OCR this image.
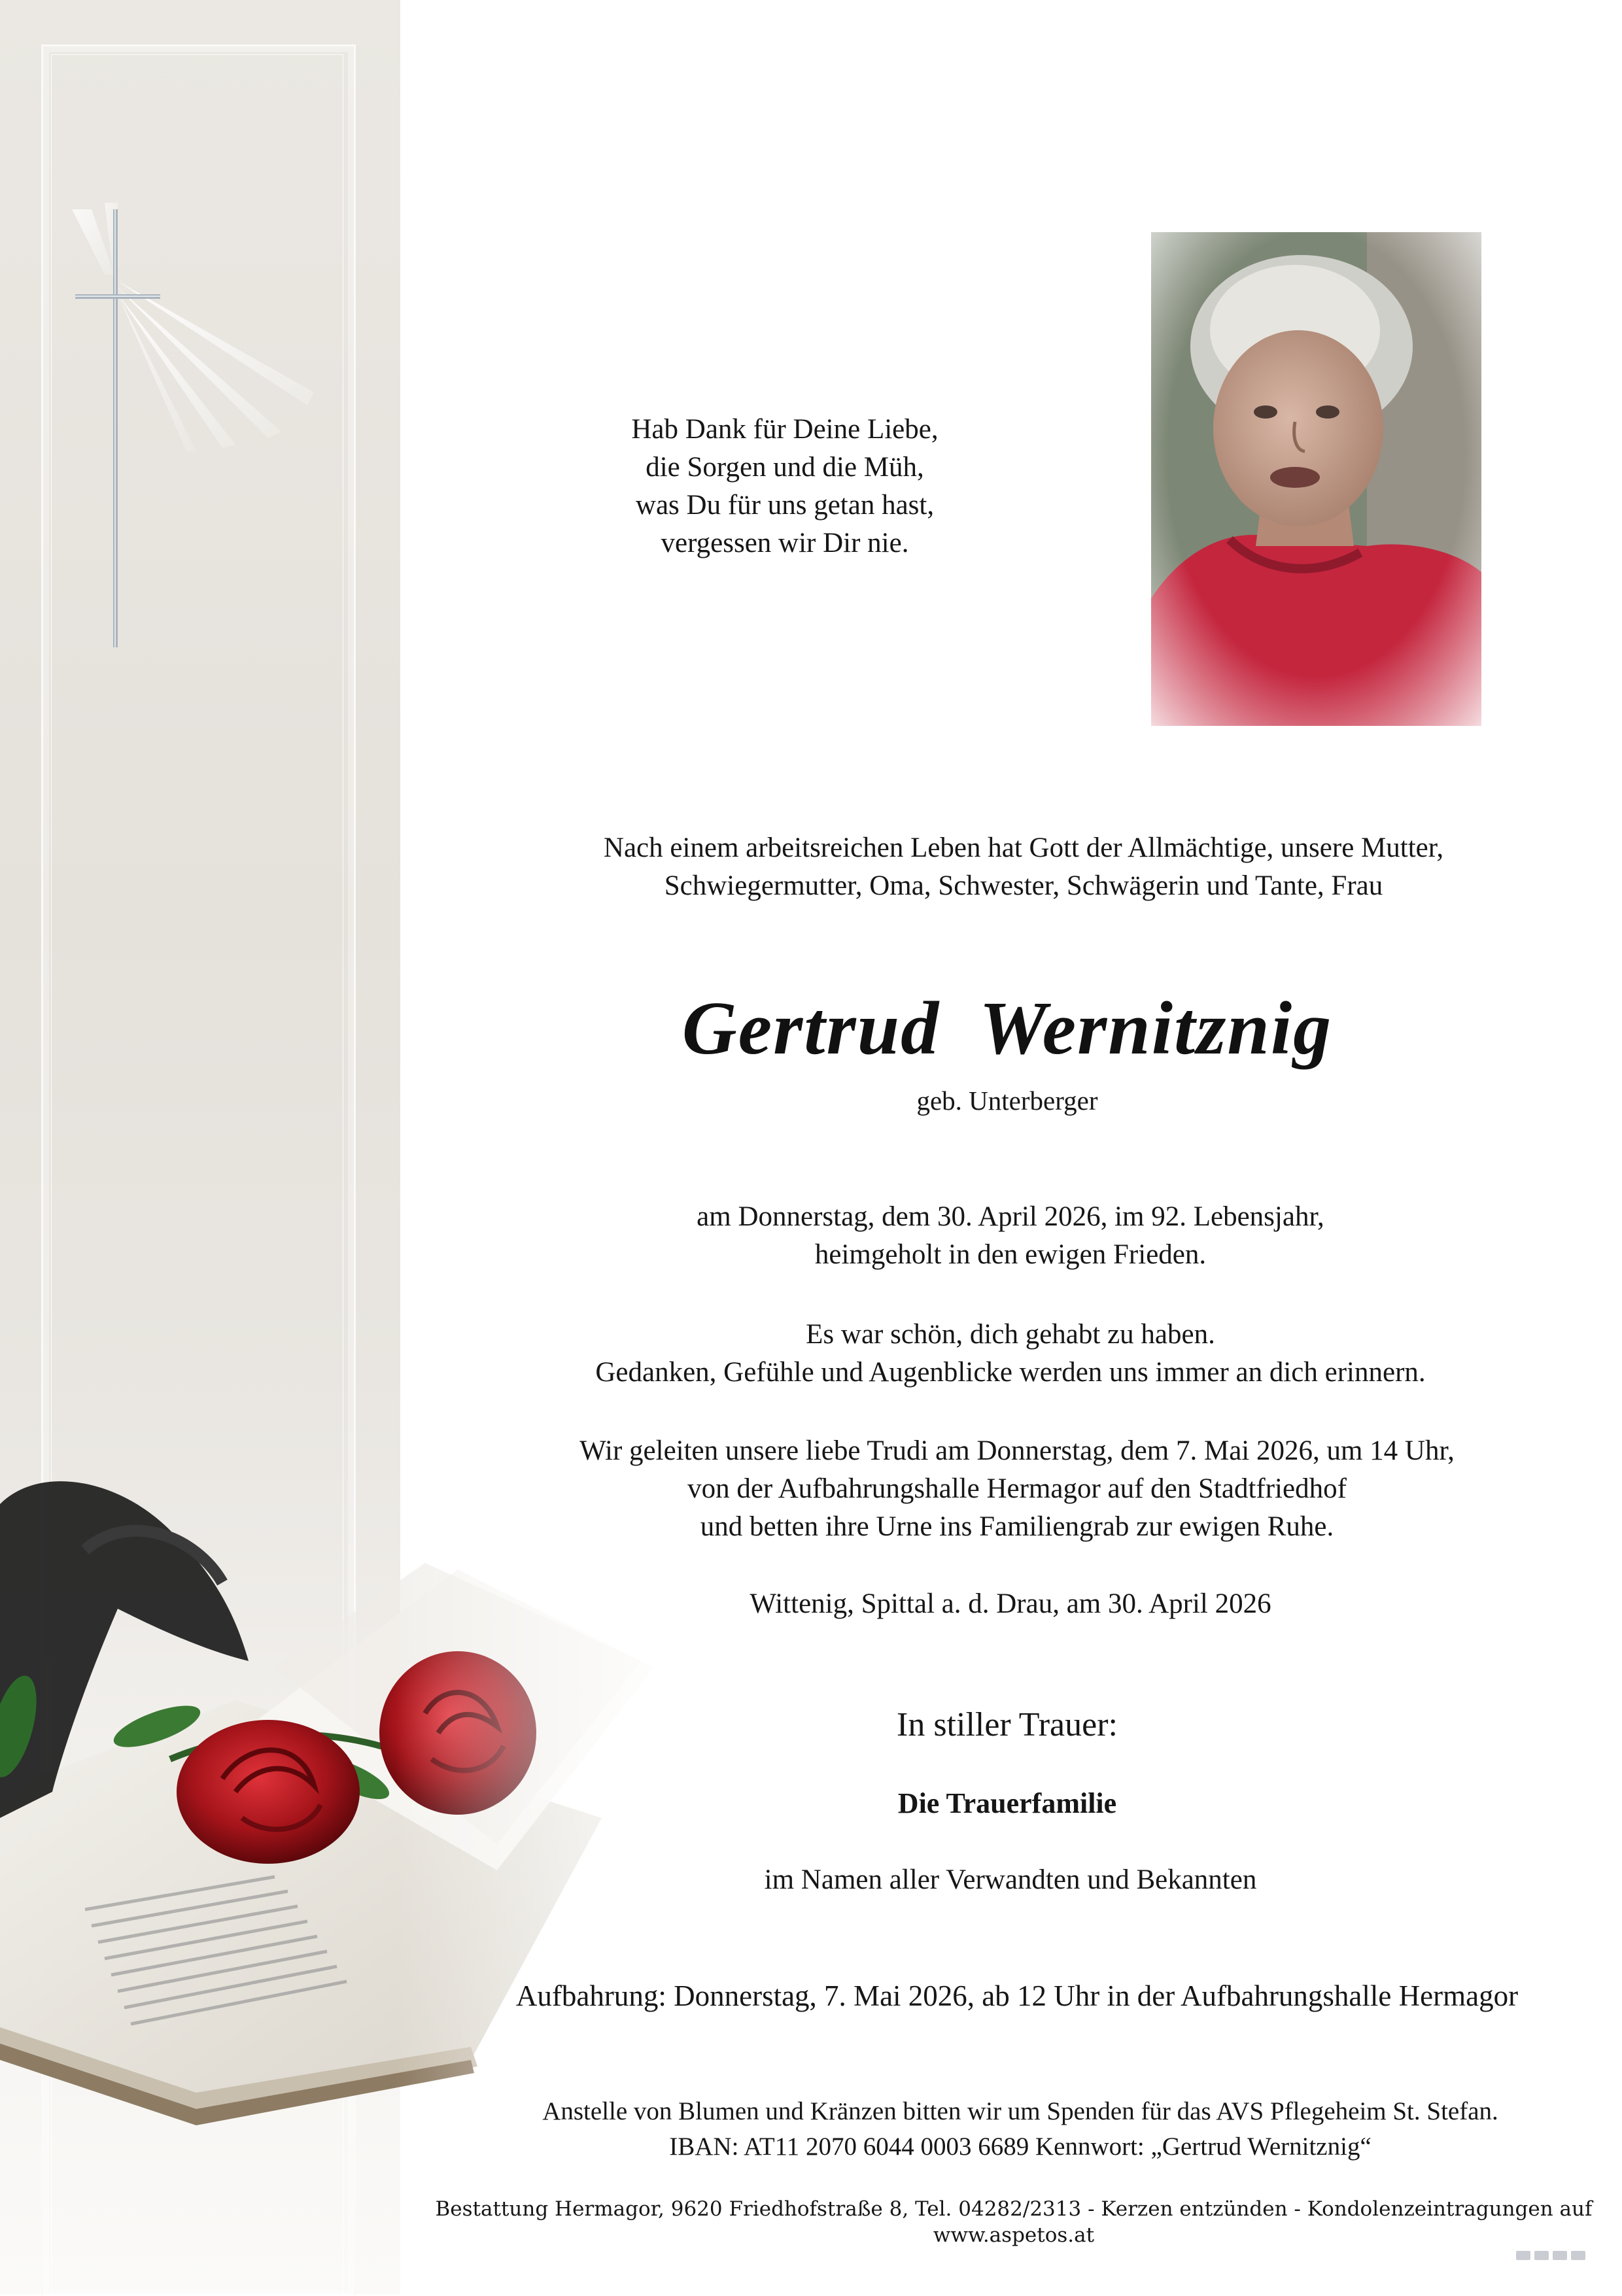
Hab Dank für Deine Liebe,
die Sorgen und die Müh,
was Du für uns getan hast,
vergessen wir Dir nie.
Nach einem arbeitsreichen Leben hat Gott der Allmächtige, unsere Mutter,
Schwiegermutter, Oma, Schwester, Schwägerin und Tante, Frau
Gertrud  Wernitznig
geb. Unterberger
am Donnerstag, dem 30. April 2026, im 92. Lebensjahr,
heimgeholt in den ewigen Frieden.
Es war schön, dich gehabt zu haben.
Gedanken, Gefühle und Augenblicke werden uns immer an dich erinnern.
Wir geleiten unsere liebe Trudi am Donnerstag, dem 7. Mai 2026, um 14 Uhr,
von der Aufbahrungshalle Hermagor auf den Stadtfriedhof
und betten ihre Urne ins Familiengrab zur ewigen Ruhe.
Wittenig, Spittal a. d. Drau, am 30. April 2026
In stiller Trauer:
Die Trauerfamilie
im Namen aller Verwandten und Bekannten
Aufbahrung: Donnerstag, 7. Mai 2026, ab 12 Uhr in der Aufbahrungshalle Hermagor
Anstelle von Blumen und Kränzen bitten wir um Spenden für das AVS Pflegeheim St. Stefan.
IBAN: AT11 2070 6044 0003 6689 Kennwort: „Gertrud Wernitznig“
Bestattung Hermagor, 9620 Friedhofstraße 8, Tel. 04282/2313 - Kerzen entzünden - Kondolenzeintragungen auf www.aspetos.at
